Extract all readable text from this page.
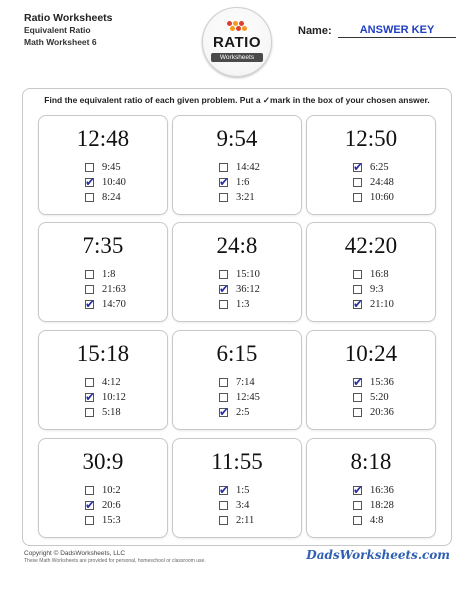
Ratio Worksheets
Equivalent Ratio
Math Worksheet 6	RATIO
Worksheets
Name:	ANSWER KEY
Find the equivalent ratio of each given problem. Put a ✓mark in the box of your chosen answer.
12:48
9:45
✔ 10:40
8:24
9:54
14:42
✔ 1:6
3:21
12:50
✔ 6:25
24:48
10:60
7:35
1:8
21:63
✔ 14:70
24:8
15:10
✔ 36:12
1:3
42:20
16:8
9:3
✔ 21:10
15:18
4:12
✔ 10:12
5:18
6:15
7:14
12:45
✔ 2:5
10:24
✔ 15:36
5:20
20:36
30:9
10:2
✔ 20:6
15:3
11:55
✔ 1:5
3:4
2:11
8:18
✔ 16:36
18:28
4:8
Copyright © DadsWorksheets, LLC
These Math Worksheets are provided for personal, homeschool or classroom use.	DadsWorksheets.com
